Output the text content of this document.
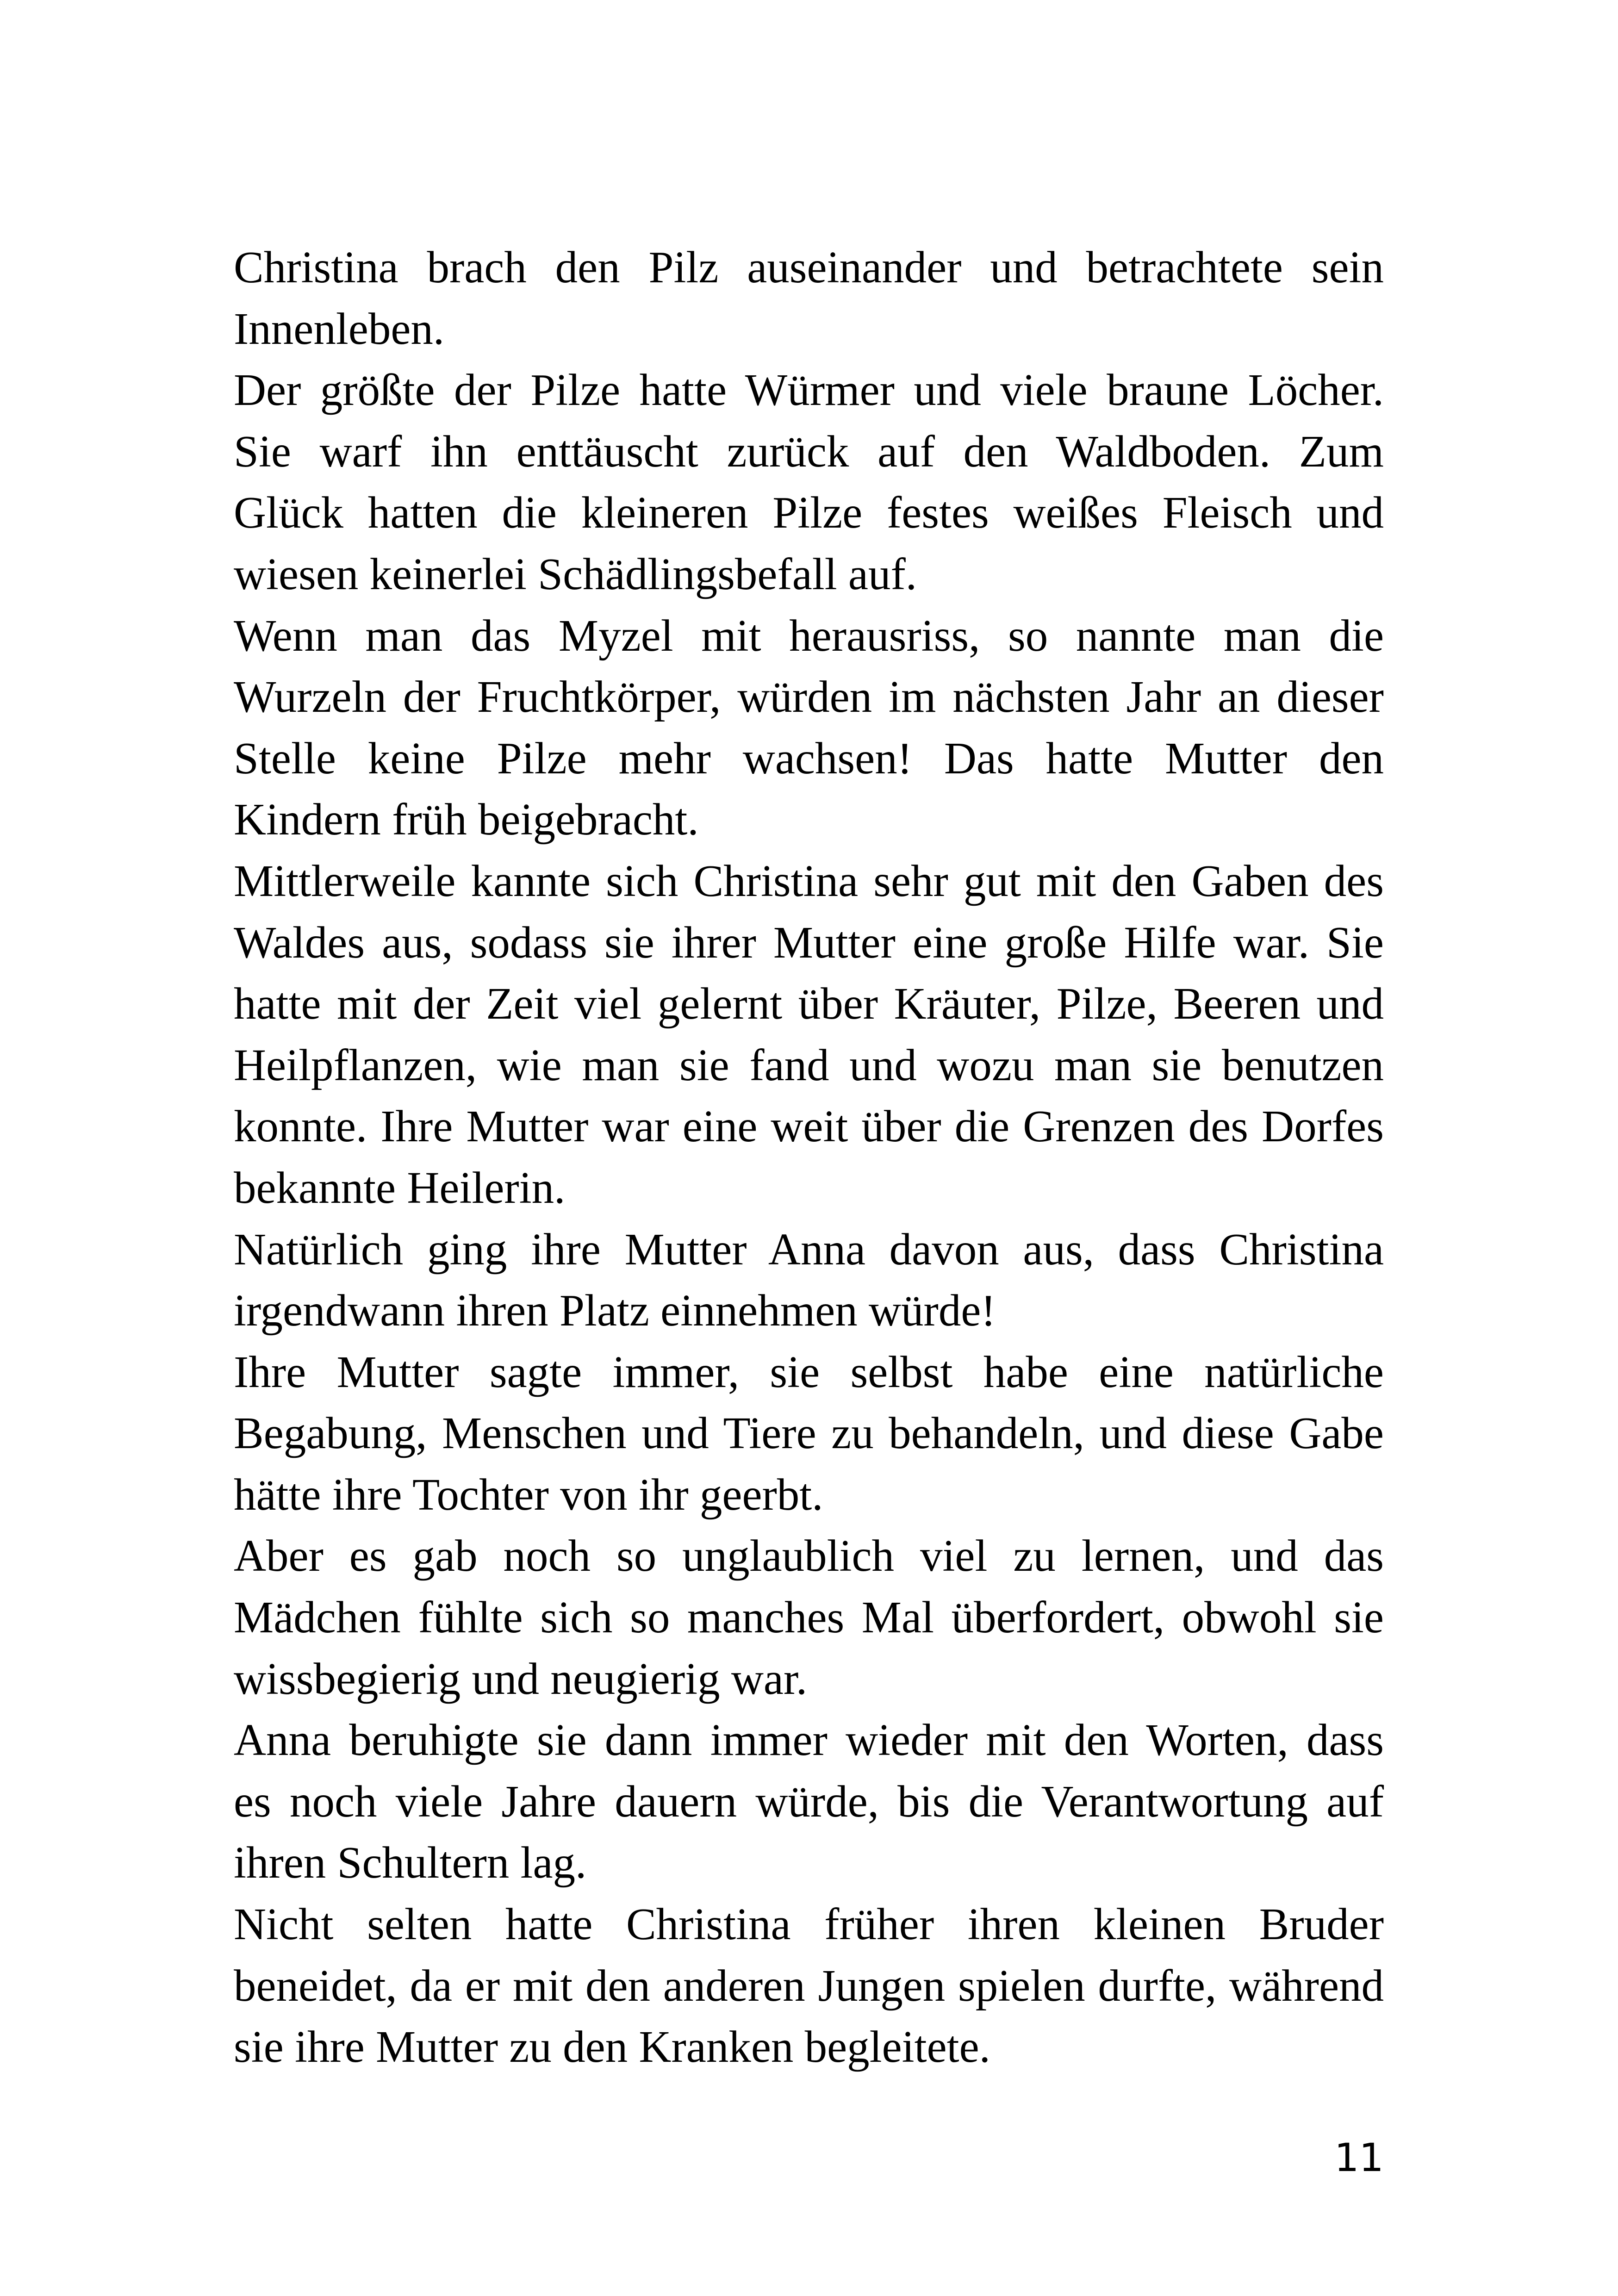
Christina brach den Pilz auseinander und betrachtete sein
Innenleben.
Der größte der Pilze hatte Würmer und viele braune Löcher.
Sie warf ihn enttäuscht zurück auf den Waldboden. Zum
Glück hatten die kleineren Pilze festes weißes Fleisch und
wiesen keinerlei Schädlingsbefall auf.
Wenn man das Myzel mit herausriss, so nannte man die
Wurzeln der Fruchtkörper, würden im nächsten Jahr an dieser
Stelle keine Pilze mehr wachsen! Das hatte Mutter den
Kindern früh beigebracht.
Mittlerweile kannte sich Christina sehr gut mit den Gaben des
Waldes aus, sodass sie ihrer Mutter eine große Hilfe war. Sie
hatte mit der Zeit viel gelernt über Kräuter, Pilze, Beeren und
Heilpflanzen, wie man sie fand und wozu man sie benutzen
konnte. Ihre Mutter war eine weit über die Grenzen des Dorfes
bekannte Heilerin.
Natürlich ging ihre Mutter Anna davon aus, dass Christina
irgendwann ihren Platz einnehmen würde!
Ihre Mutter sagte immer, sie selbst habe eine natürliche
Begabung, Menschen und Tiere zu behandeln, und diese Gabe
hätte ihre Tochter von ihr geerbt.
Aber es gab noch so unglaublich viel zu lernen, und das
Mädchen fühlte sich so manches Mal überfordert, obwohl sie
wissbegierig und neugierig war.
Anna beruhigte sie dann immer wieder mit den Worten, dass
es noch viele Jahre dauern würde, bis die Verantwortung auf
ihren Schultern lag.
Nicht selten hatte Christina früher ihren kleinen Bruder
beneidet, da er mit den anderen Jungen spielen durfte, während
sie ihre Mutter zu den Kranken begleitete.
11
